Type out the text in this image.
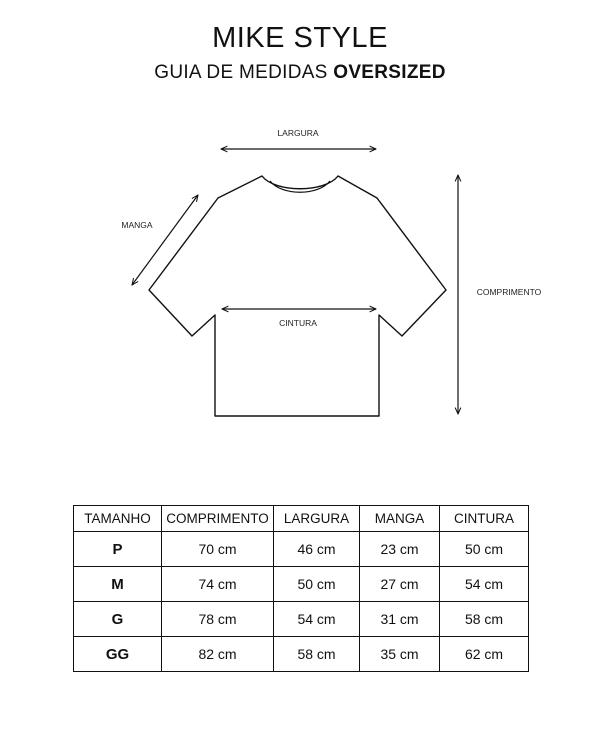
MIKE STYLE
GUIA DE MEDIDAS OVERSIZED
LARGURA
MANGA
CINTURA
COMPRIMENTO
TAMANHO	COMPRIMENTO	LARGURA	MANGA	CINTURA
P	70 cm	46 cm	23 cm	50 cm
M	74 cm	50 cm	27 cm	54 cm
G	78 cm	54 cm	31 cm	58 cm
GG	82 cm	58 cm	35 cm	62 cm
